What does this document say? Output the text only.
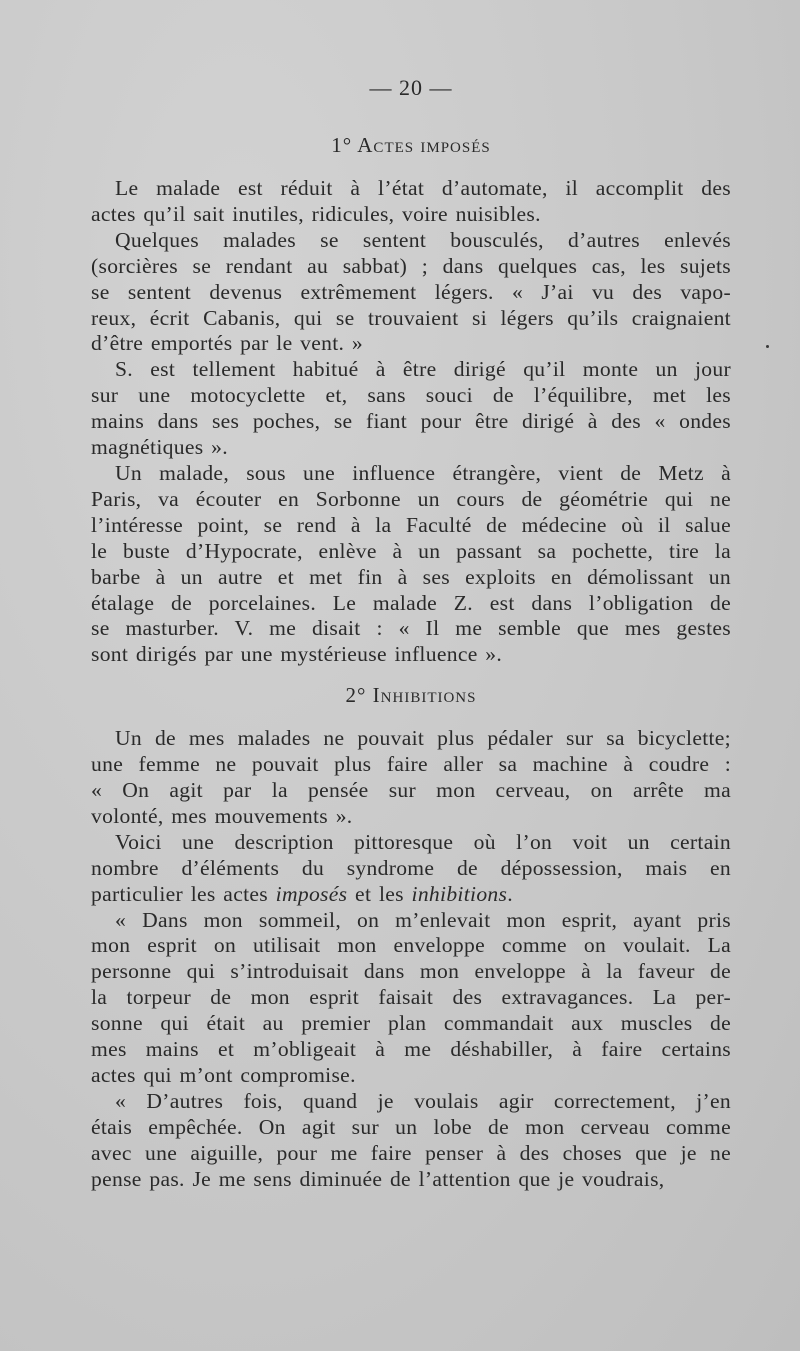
— 20 —
1° Actes imposés

Le malade est réduit à l’état d’automate, il accomplit des

actes qu’il sait inutiles, ridicules, voire nuisibles.

Quelques malades se sentent bousculés, d’autres enlevés

(sorcières se rendant au sabbat) ; dans quelques cas, les sujets

se sentent devenus extrêmement légers. « J’ai vu des vapo-

reux, écrit Cabanis, qui se trouvaient si légers qu’ils craignaient

d’être emportés par le vent. »

S. est tellement habitué à être dirigé qu’il monte un jour

sur une motocyclette et, sans souci de l’équilibre, met les

mains dans ses poches, se fiant pour être dirigé à des « ondes

magnétiques ».

Un malade, sous une influence étrangère, vient de Metz à

Paris, va écouter en Sorbonne un cours de géométrie qui ne

l’intéresse point, se rend à la Faculté de médecine où il salue

le buste d’Hypocrate, enlève à un passant sa pochette, tire la

barbe à un autre et met fin à ses exploits en démolissant un

étalage de porcelaines. Le malade Z. est dans l’obligation de

se masturber. V. me disait : « Il me semble que mes gestes

sont dirigés par une mystérieuse influence ».

2° Inhibitions

Un de mes malades ne pouvait plus pédaler sur sa bicyclette;

une femme ne pouvait plus faire aller sa machine à coudre :

« On agit par la pensée sur mon cerveau, on arrête ma

volonté, mes mouvements ».

Voici une description pittoresque où l’on voit un certain

nombre d’éléments du syndrome de dépossession, mais en

particulier les actes imposés et les inhibitions.

« Dans mon sommeil, on m’enlevait mon esprit, ayant pris

mon esprit on utilisait mon enveloppe comme on voulait. La

personne qui s’introduisait dans mon enveloppe à la faveur de

la torpeur de mon esprit faisait des extravagances. La per-

sonne qui était au premier plan commandait aux muscles de

mes mains et m’obligeait à me déshabiller, à faire certains

actes qui m’ont compromise.

« D’autres fois, quand je voulais agir correctement, j’en

étais empêchée. On agit sur un lobe de mon cerveau comme

avec une aiguille, pour me faire penser à des choses que je ne

pense pas. Je me sens diminuée de l’attention que je voudrais,
